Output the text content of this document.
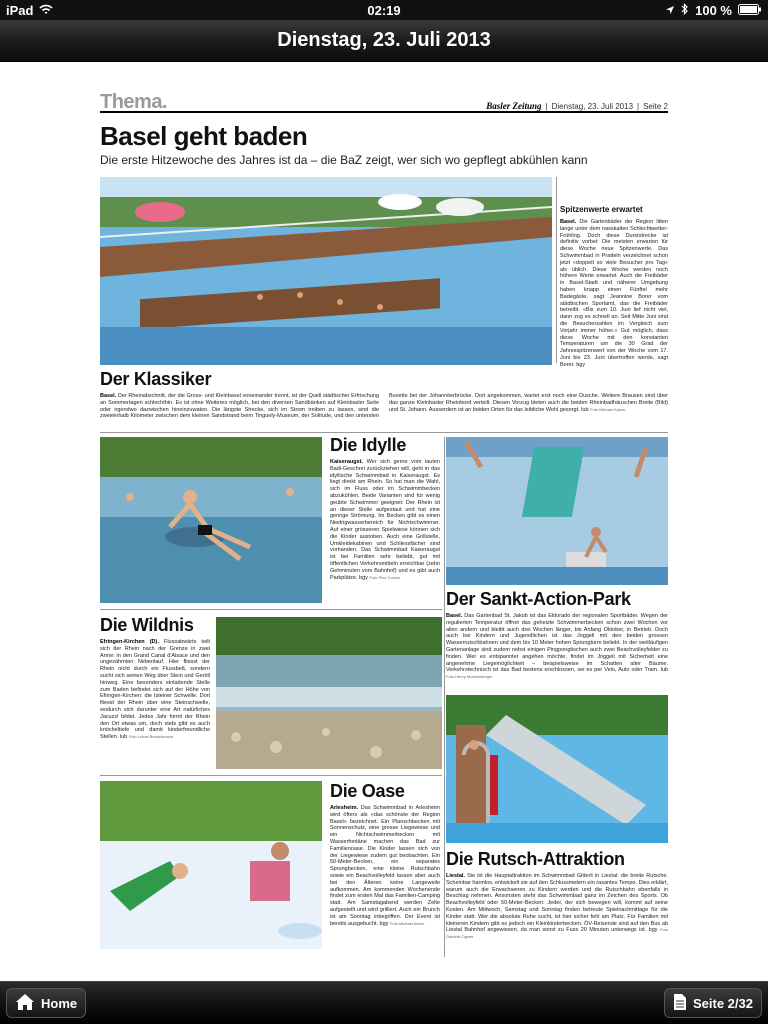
iPad	02:19	100 %
Dienstag, 23. Juli 2013
Thema.	Basler Zeitung | Dienstag, 23. Juli 2013 | Seite 2
Basel geht baden
Die erste Hitzewoche des Jahres ist da – die BaZ zeigt, wer sich wo gepflegt abkühlen kann
Spitzenwerte erwartet
Basel. Die Gartenbäder der Region litten lange unter dem nasskalten Schlechtwetter-Frühling. Doch diese Durststrecke ist definitiv vorbei: Die meisten erwarten für diese Woche neue Spitzenwerte. Das Schwimmbad in Pratteln verzeichnet schon jetzt «doppelt so viele Besucher pro Tag» als üblich. Diese Woche werden noch höhere Werte erwartet. Auch die Freibäder in Basel-Stadt und näherer Umgebung haben knapp einen Fünftel mehr Badegäste, sagt Jeannine Borer vom städtischen Sportamt, das die Freibäder betreibt. «Bis zum 10. Juni lief nicht viel, dann zog es schnell an. Seit Mitte Juni sind die Besucherzahlen im Vergleich zum Vorjahr immer höher.» Gut möglich, dass diese Woche mit den konstanten Temperaturen um die 30 Grad der Jahresspitzenwert von der Woche vom 17. Juni bis 23. Juni übertroffen werde, sagt Borer. bgy
Der Klassiker
Basel. Der Rheinabschnitt, der die Gross- und Kleinbasel voneinander trennt, ist der Quell städtischer Erfrischung an Sommertagen schlechthin. Es ist ohne Weiteres möglich, bei den diversen Sandbänken auf Kleinbasler Seite oder irgendwo dazwischen hineinzuwaten. Die längste Strecke, sich im Strom treiben zu lassen, sind die zweieinhalb Kilometer zwischen dem kleinen Sandstrand beim Tinguely-Museum, der Solitude, und den untersten Buvette bei der Johanniterbrücke. Dort angekommen, wartet erst noch eine Dusche. Weitere Brausen sind über das ganze Kleinbasler Rheinbord verteilt. Diesen Vorzug bieten auch die beiden Rheinbadhäuschen Breite (Bild) und St. Johann. Ausserdem ist an beiden Orten für das leibliche Wohl gesorgt. lub Foto Michael Kaiser
Die Idylle
Kaiseraugst. Wer sich gerne vom lauten Badi-Geschrei zurückziehen will, geht in das idyllische Schwimmbad in Kaiseraugst. Es liegt direkt am Rhein. So hat man die Wahl, sich im Fluss oder im Schwimmbecken abzukühlen. Beide Varianten sind für wenig geübte Schwimmer geeignet: Der Rhein ist an dieser Stelle aufgestaut und hat eine geringe Strömung. Im Becken gibt es einen Niedrigwasserbereich für Nichtschwimmer. Auf einer grösseren Spielwiese können sich die Kinder austoben. Auch eine Grillstelle, Umkleidekabinen und Schliessfächer sind vorhanden. Das Schwimmbad Kaiseraugst ist bei Familien sehr beliebt, gut mit öffentlichen Verkehrsmitteln erreichbar (zehn Gehminuten vom Bahnhof) und es gibt auch Parkplätze. bgy Foto Pino Covino
Der Sankt-Action-Park
Basel. Das Gartenbad St. Jakob ist das Eldorado der regionalen Sportbäder. Wegen der regulierten Temperatur öffnet das geheizte Schwimmerbecken schon zwei Wochen vor allen andern und bleibt auch drei Wochen länger, bis Anfang Oktober, in Betrieb. Doch auch bei Kindern und Jugendlichen ist das Joggeli mit den beiden grossen Wasserrutschbahnen und dem bis 10 Meter hohen Sprungturm beliebt. In der weitläufigen Gartenanlage sind zudem nebst einigen Pingpongtischen auch zwei Beachvolleyfelder zu finden. Wer es entspannter angehen möchte, findet im Joggeli mit Sicherheit eine angenehme Liegemöglichkeit – beispielsweise im Schatten alter Bäume. Verkehrstechnisch ist das Bad bestens erschlossen, sei es per Velo, Auto oder Tram. lub Foto Henry Muchenberger
Die Wildnis
Efringen-Kirchen (D). Flussabwärts teilt sich der Rhein nach der Grenze in zwei Arme: in den Grand Canal d'Alsace und den ungezähmten Nebenlauf. Hier fliesst der Rhein nicht durch ein Flussbett, sondern sucht sich seinen Weg über Stein und Geröll hinweg. Eine besonders einladende Stelle zum Baden befindet sich auf der Höhe von Efringen-Kirchen: die Isteiner Schwelle. Dort fliesst der Rhein über eine Steinschwelle, wodurch sich darunter eine Art natürliches Jacuzzi bildet. Jedes Jahr formt der Rhein den Ort etwas um, doch stets gibt es auch knöcheltiefe und damit kinderfreundliche Stellen. lub Foto Lukas Bertschmann
Die Oase
Arlesheim. Das Schwimmbad in Arlesheim wird öfters als «das schönste der Region Basel» bezeichnet. Ein Planschbecken mit Sonnenschutz, eine grosse Liegewiese und ein Nichtschwimmerbecken mit Wasserfontäne machen das Bad zur Familienoase. Die Kinder lassen sich von der Liegewiese zudem gut beobachten. Ein 50-Meter-Becken, ein separates Sprungbecken, eine kleine Rutschbahn sowie ein Beachvolleyfeld lassen aber auch bei den Älteren keine Langeweile aufkommen. Am kommenden Wochenende findet zum ersten Mal das Familien-Camping statt. Am Samstagabend werden Zelte aufgestellt und wird grilliert. Auch ein Brunch ist am Sonntag inbegriffen. Der Event ist bereits ausgebucht. bgy Foto Michael Aeber
Die Rutsch-Attraktion
Liestal. Sie ist die Hauptattraktion im Schwimmbad Gitterli in Liestal: die breite Rutsche. Scheinbar harmlos, entwickelt sie auf den Schlussmetern ein rasantes Tempo. Dies erklärt, warum auch die Erwachsenen zu Kindern werden und die Rutschbahn ebenfalls in Beschlag nehmen. Ansonsten steht das Schwimmbad ganz im Zeichen des Sports. Ob Beachvolleyfeld oder 50-Meter-Becken: Jeder, der sich bewegen will, kommt auf seine Kosten. Am Mittwoch, Samstag und Sonntag finden betreute Spielnachmittage für die Kinder statt. Wer die absolute Ruhe sucht, ist hier sicher fehl am Platz. Für Familien mit kleineren Kindern gibt es jedoch ein Kleinkinderbecken. ÖV-Reisende sind auf den Bus ab Liestal Bahnhof angewiesen, da man sonst zu Fuss 20 Minuten unterwegs ist. bgy Foto Dominik Ogwer
Home	Seite 2/32
